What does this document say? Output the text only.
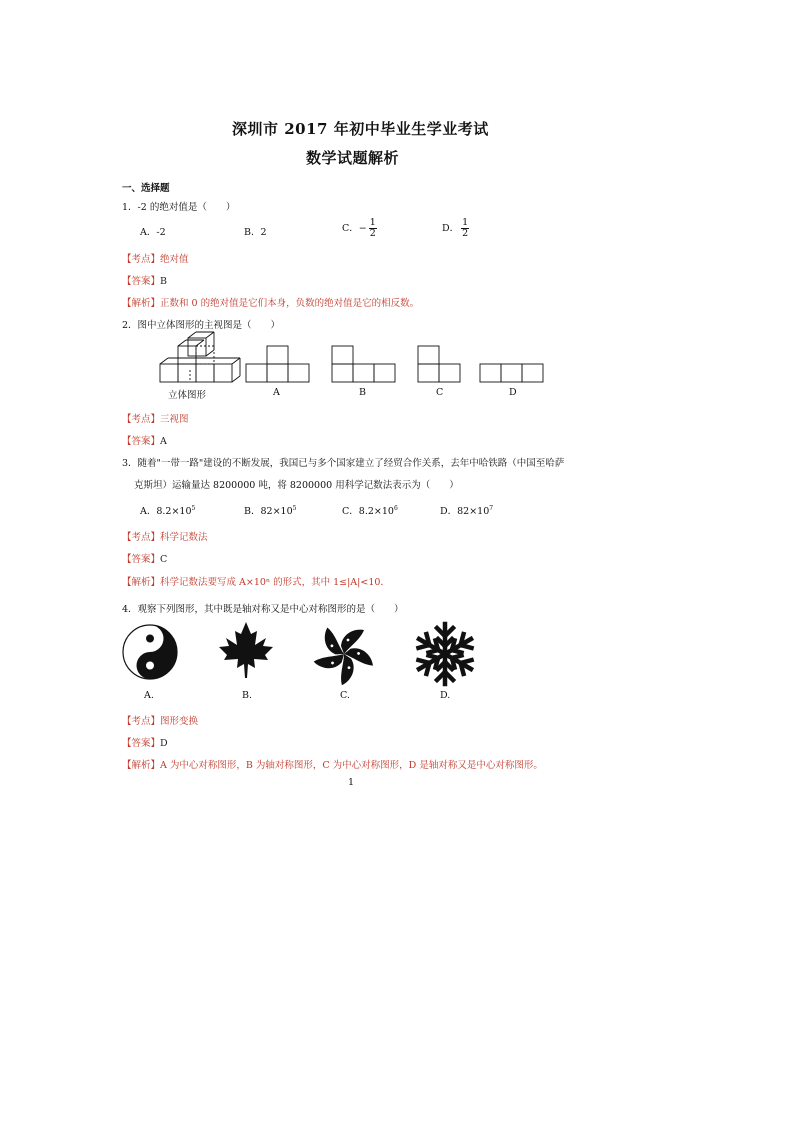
深圳市 2017 年初中毕业生学业考试
数学试题解析
一、选择题
1．-2 的绝对值是（　　）
A．-2	B．2	C．− $\frac{1}{2}$	D． $\frac{1}{2}$
【考点】绝对值
【答案】B
【解析】正数和 0 的绝对值是它们本身，负数的绝对值是它的相反数。
2．图中立体图形的主视图是（　　）
立体图形	A	B	C	D
【考点】三视图
【答案】A
3．随着"一带一路"建设的不断发展，我国已与多个国家建立了经贸合作关系，去年中哈铁路（中国至哈萨
克斯坦）运输量达 8200000 吨，将 8200000 用科学记数法表示为（　　）
A．$8.2\times 10^5$	B．$82\times 10^5$	C．$8.2\times 10^6$	D．$82\times 10^7$
【考点】科学记数法
【答案】C
【解析】科学记数法要写成 A×10ⁿ 的形式，其中 1≤|A|<10．
4．观察下列图形，其中既是轴对称又是中心对称图形的是（　　）
A.	B.	C.	D.
【考点】图形变换
【答案】D
【解析】A 为中心对称图形，B 为轴对称图形，C 为中心对称图形，D 是轴对称又是中心对称图形。
1
